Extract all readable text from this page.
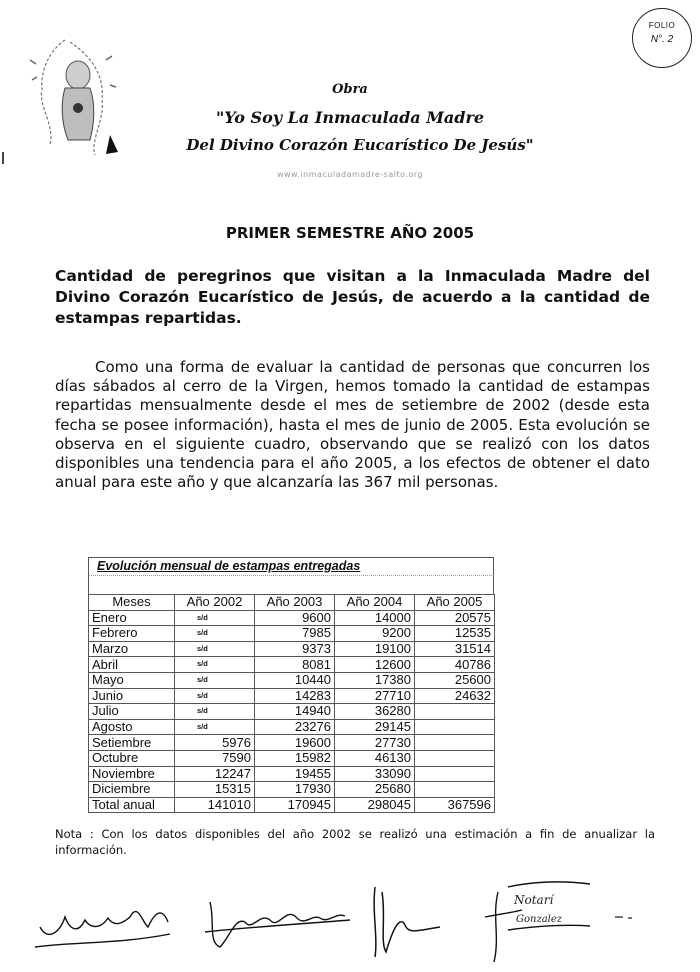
FOLIO
N°. 2
Obra
"Yo Soy La Inmaculada Madre
Del Divino Corazón Eucarístico De Jesús"
www.inmaculadamadre-salto.org
PRIMER SEMESTRE AÑO 2005
Cantidad de peregrinos que visitan a la Inmaculada Madre del Divino Corazón Eucarístico de Jesús, de acuerdo a la cantidad de estampas repartidas.
Como una forma de evaluar la cantidad de personas que concurren los días sábados al cerro de la Virgen, hemos tomado la cantidad de estampas repartidas mensualmente desde el mes de setiembre de 2002 (desde esta fecha se posee información), hasta el mes de junio de 2005. Esta evolución se observa en el siguiente cuadro, observando que se realizó con los datos disponibles una tendencia para el año 2005, a los efectos de obtener el dato anual para este año y que alcanzaría las 367 mil personas.
Evolución mensual de estampas entregadas
Meses	Año 2002	Año 2003	Año 2004	Año 2005
Enero	s/d	9600	14000	20575
Febrero	s/d	7985	9200	12535
Marzo	s/d	9373	19100	31514
Abril	s/d	8081	12600	40786
Mayo	s/d	10440	17380	25600
Junio	s/d	14283	27710	24632
Julio	s/d	14940	36280	
Agosto	s/d	23276	29145	
Setiembre	5976	19600	27730	
Octubre	7590	15982	46130	
Noviembre	12247	19455	33090	
Diciembre	15315	17930	25680	
Total anual	141010	170945	298045	367596
Nota : Con los datos disponibles del año 2002 se realizó una estimación a fin de anualizar la información.
Notarí
Gonzalez
